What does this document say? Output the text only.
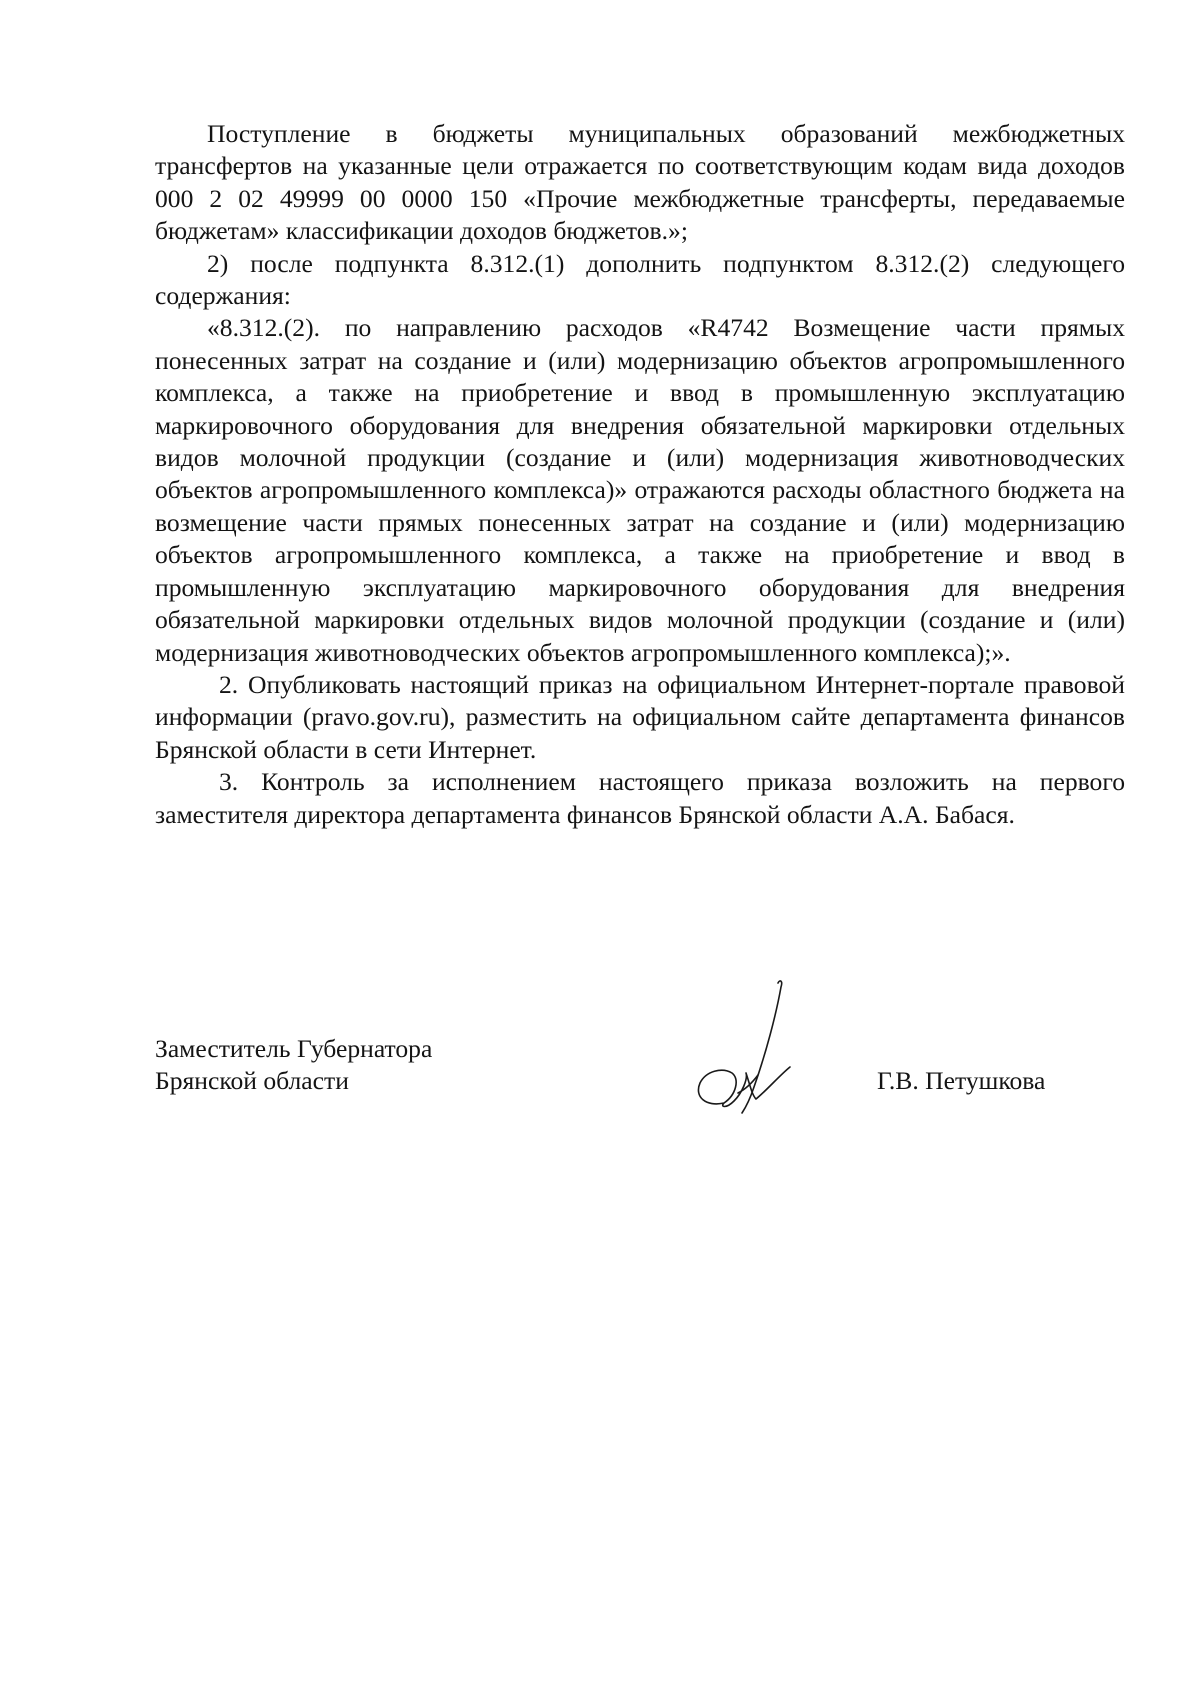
Поступление в бюджеты муниципальных образований межбюджетных трансфертов на указанные цели отражается по соответствующим кодам вида доходов 000 2 02 49999 00 0000 150 «Прочие межбюджетные трансферты, передаваемые бюджетам» классификации доходов бюджетов.»;

2) после подпункта 8.312.(1) дополнить подпунктом 8.312.(2) следующего содержания:

«8.312.(2). по направлению расходов «R4742 Возмещение части прямых понесенных затрат на создание и (или) модернизацию объектов агропромышленного комплекса, а также на приобретение и ввод в промышленную эксплуатацию маркировочного оборудования для внедрения обязательной маркировки отдельных видов молочной продукции (создание и (или) модернизация животноводческих объектов агропромышленного комплекса)» отражаются расходы областного бюджета на возмещение части прямых понесенных затрат на создание и (или) модернизацию объектов агропромышленного комплекса, а также на приобретение и ввод в промышленную эксплуатацию маркировочного оборудования для внедрения обязательной маркировки отдельных видов молочной продукции (создание и (или) модернизация животноводческих объектов агропромышленного комплекса);».

2. Опубликовать настоящий приказ на официальном Интернет-портале правовой информации (pravo.gov.ru), разместить на официальном сайте департамента финансов Брянской области в сети Интернет.

3. Контроль за исполнением настоящего приказа возложить на первого заместителя директора департамента финансов Брянской области А.А. Бабася.

Заместитель Губернатора
Брянской области	Г.В. Петушкова
